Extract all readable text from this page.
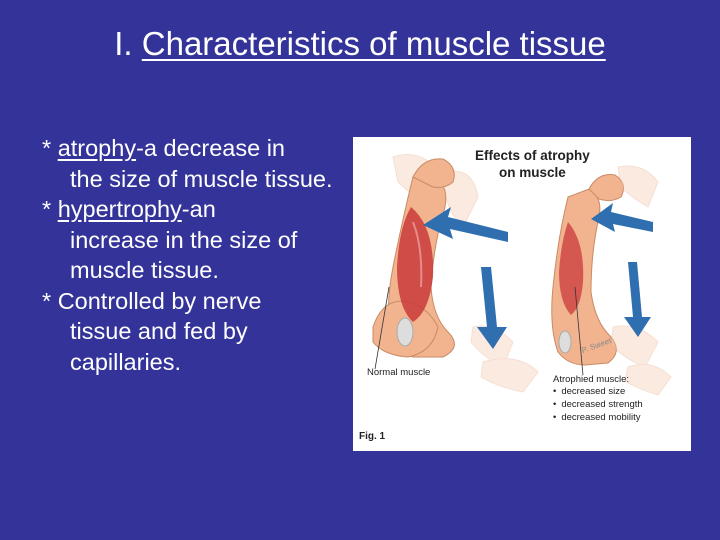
I. Characteristics of muscle tissue

* atrophy-a decrease in
the size of muscle tissue.

* hypertrophy-an
increase in the size of muscle tissue.

* Controlled by nerve
tissue and fed by capillaries.

Effects of atrophy
on muscle
Normal muscle
P. Sweet
Atrophied muscle:
• decreased size
• decreased strength
• decreased mobility
Fig. 1
